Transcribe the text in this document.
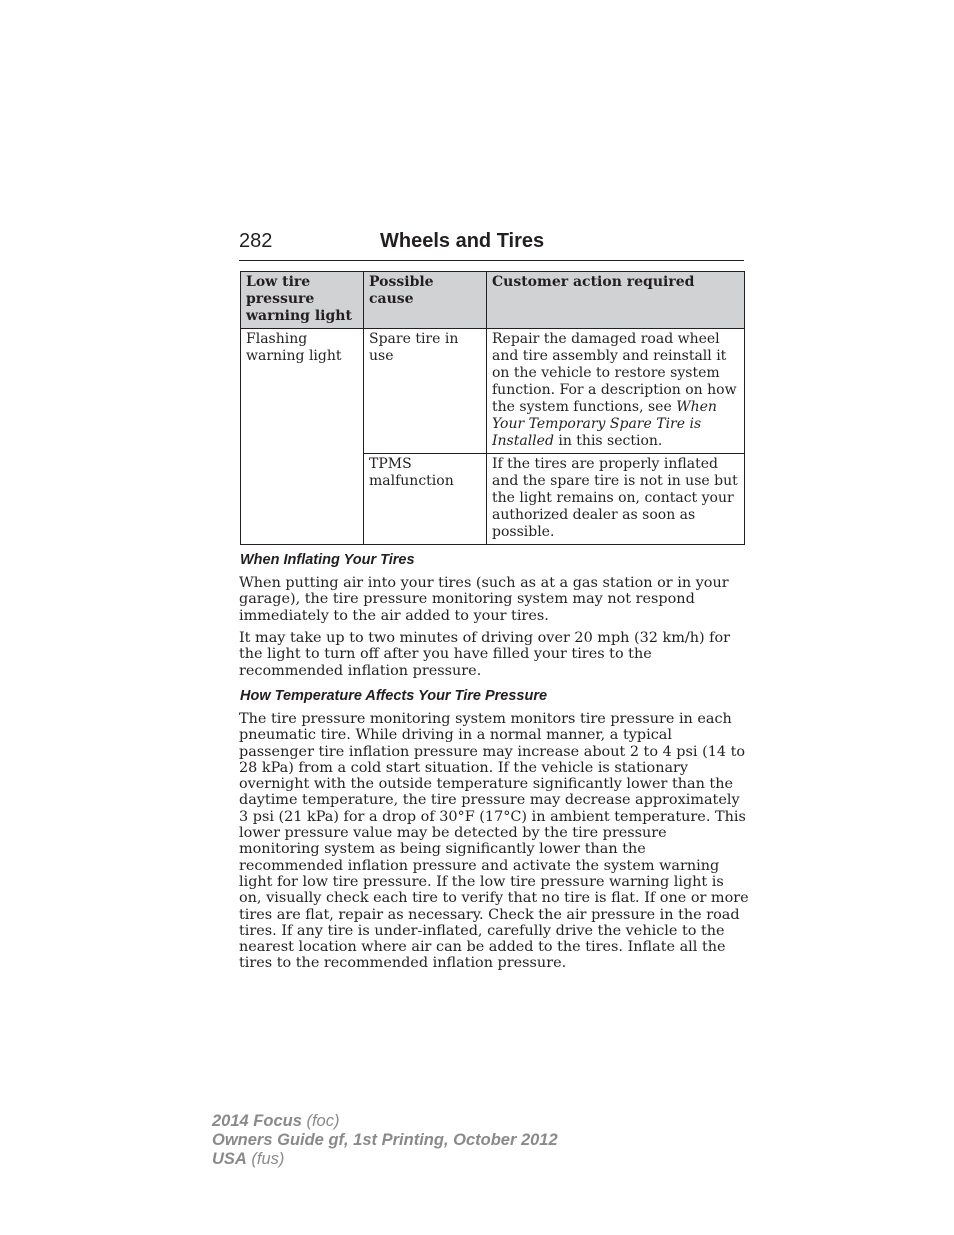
282	Wheels and Tires
Low tire pressure warning light	Possible cause	Customer action required
Flashing warning light	Spare tire in use	Repair the damaged road wheel and tire assembly and reinstall it on the vehicle to restore system function. For a description on how the system functions, see When Your Temporary Spare Tire is Installed in this section.
	TPMS malfunction	If the tires are properly inflated and the spare tire is not in use but the light remains on, contact your authorized dealer as soon as possible.
When Inflating Your Tires

When putting air into your tires (such as at a gas station or in your garage), the tire pressure monitoring system may not respond immediately to the air added to your tires.

It may take up to two minutes of driving over 20 mph (32 km/h) for the light to turn off after you have filled your tires to the recommended inflation pressure.

How Temperature Affects Your Tire Pressure

The tire pressure monitoring system monitors tire pressure in each pneumatic tire. While driving in a normal manner, a typical passenger tire inflation pressure may increase about 2 to 4 psi (14 to 28 kPa) from a cold start situation. If the vehicle is stationary overnight with the outside temperature significantly lower than the daytime temperature, the tire pressure may decrease approximately 3 psi (21 kPa) for a drop of 30°F (17°C) in ambient temperature. This lower pressure value may be detected by the tire pressure monitoring system as being significantly lower than the recommended inflation pressure and activate the system warning light for low tire pressure. If the low tire pressure warning light is on, visually check each tire to verify that no tire is flat. If one or more tires are flat, repair as necessary. Check the air pressure in the road tires. If any tire is under-inflated, carefully drive the vehicle to the nearest location where air can be added to the tires. Inflate all the tires to the recommended inflation pressure.

2014 Focus (foc)
Owners Guide gf, 1st Printing, October 2012
USA (fus)
